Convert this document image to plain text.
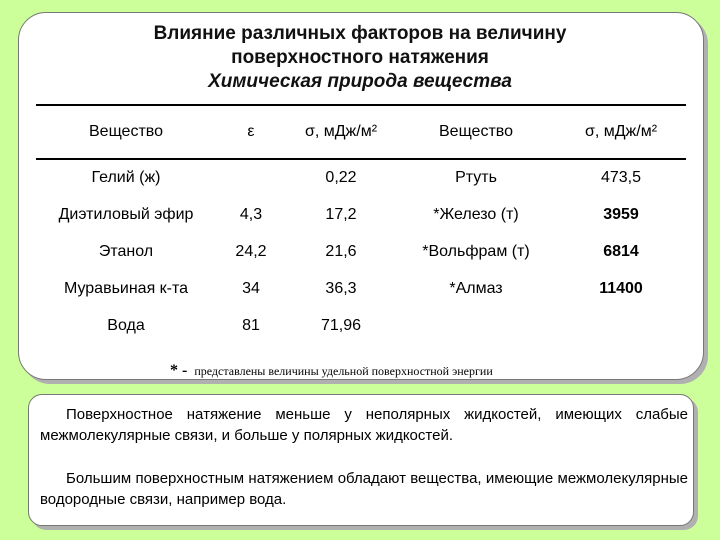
Влияние различных факторов на величину
поверхностного натяжения
Химическая природа вещества
Вещество	ε	σ, мДж/м²	Вещество	σ, мДж/м²
Гелий (ж)		0,22	Ртуть	473,5
Диэтиловый эфир	4,3	17,2	*Железо (т)	3959
Этанол	24,2	21,6	*Вольфрам (т)	6814
Муравьиная к-та	34	36,3	*Алмаз	11400
Вода	81	71,96		
* - представлены величины удельной поверхностной энергии

Поверхностное натяжение меньше у неполярных жидкостей, имеющих слабые межмолекулярные связи, и больше у полярных жидкостей.

Большим поверхностным натяжением обладают вещества, имеющие межмолекулярные водородные связи, например вода.
